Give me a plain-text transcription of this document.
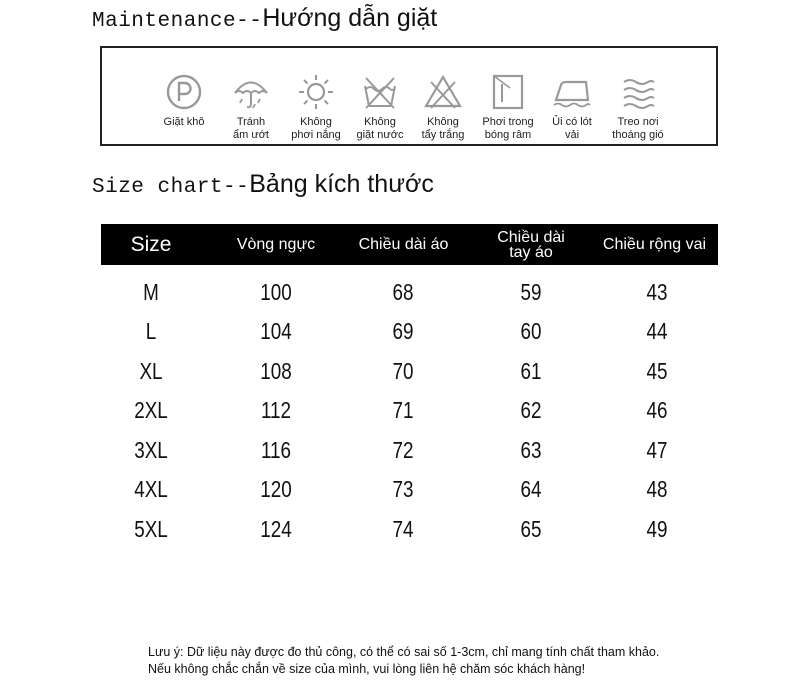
Maintenance--Hướng dẫn giặt
Giặt khô	Tránh
ẩm ướt
Không
phơi nắng
Không
giặt nước
Không
tẩy trắng
Phơi trong
bóng râm
Ủi có lót
vải
Treo nơi
thoáng gió
Size chart--Bảng kích thước
Size	Vòng ngực	Chiều dài áo	Chiều dài
tay áo	Chiều rộng vai
M	100	68	59	43
L	104	69	60	44
XL	108	70	61	45
2XL	112	71	62	46
3XL	116	72	63	47
4XL	120	73	64	48
5XL	124	74	65	49
Lưu ý: Dữ liệu này được đo thủ công, có thể có sai số 1-3cm, chỉ mang tính chất tham khảo.
Nếu không chắc chắn về size của mình, vui lòng liên hệ chăm sóc khách hàng!
